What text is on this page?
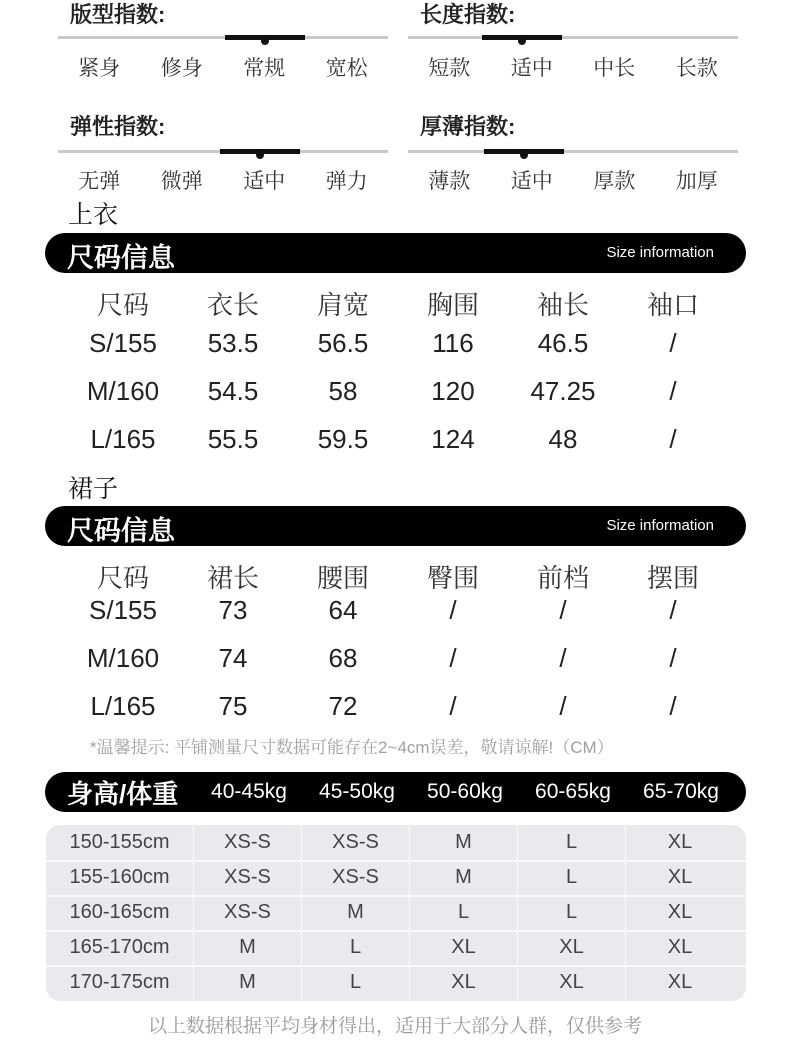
版型指数:
紧身	修身	常规	宽松
长度指数:
短款	适中	中长	长款
弹性指数:
无弹	微弹	适中	弹力
厚薄指数:
薄款	适中	厚款	加厚
上衣
尺码信息	Size information
尺码	衣长	肩宽	胸围	袖长	袖口
S/155	53.5	56.5	116	46.5	/
M/160	54.5	58	120	47.25	/
L/165	55.5	59.5	124	48	/
裙子
尺码信息	Size information
尺码	裙长	腰围	臀围	前档	摆围
S/155	73	64	/	/	/
M/160	74	68	/	/	/
L/165	75	72	/	/	/
*温馨提示: 平铺测量尺寸数据可能存在2~4cm误差，敬请谅解!（CM）
身高/体重	40-45kg	45-50kg	50-60kg	60-65kg	65-70kg
150-155cm	XS-S	XS-S	M	L	XL
155-160cm	XS-S	XS-S	M	L	XL
160-165cm	XS-S	M	L	L	XL
165-170cm	M	L	XL	XL	XL
170-175cm	M	L	XL	XL	XL
以上数据根据平均身材得出，适用于大部分人群，仅供参考
